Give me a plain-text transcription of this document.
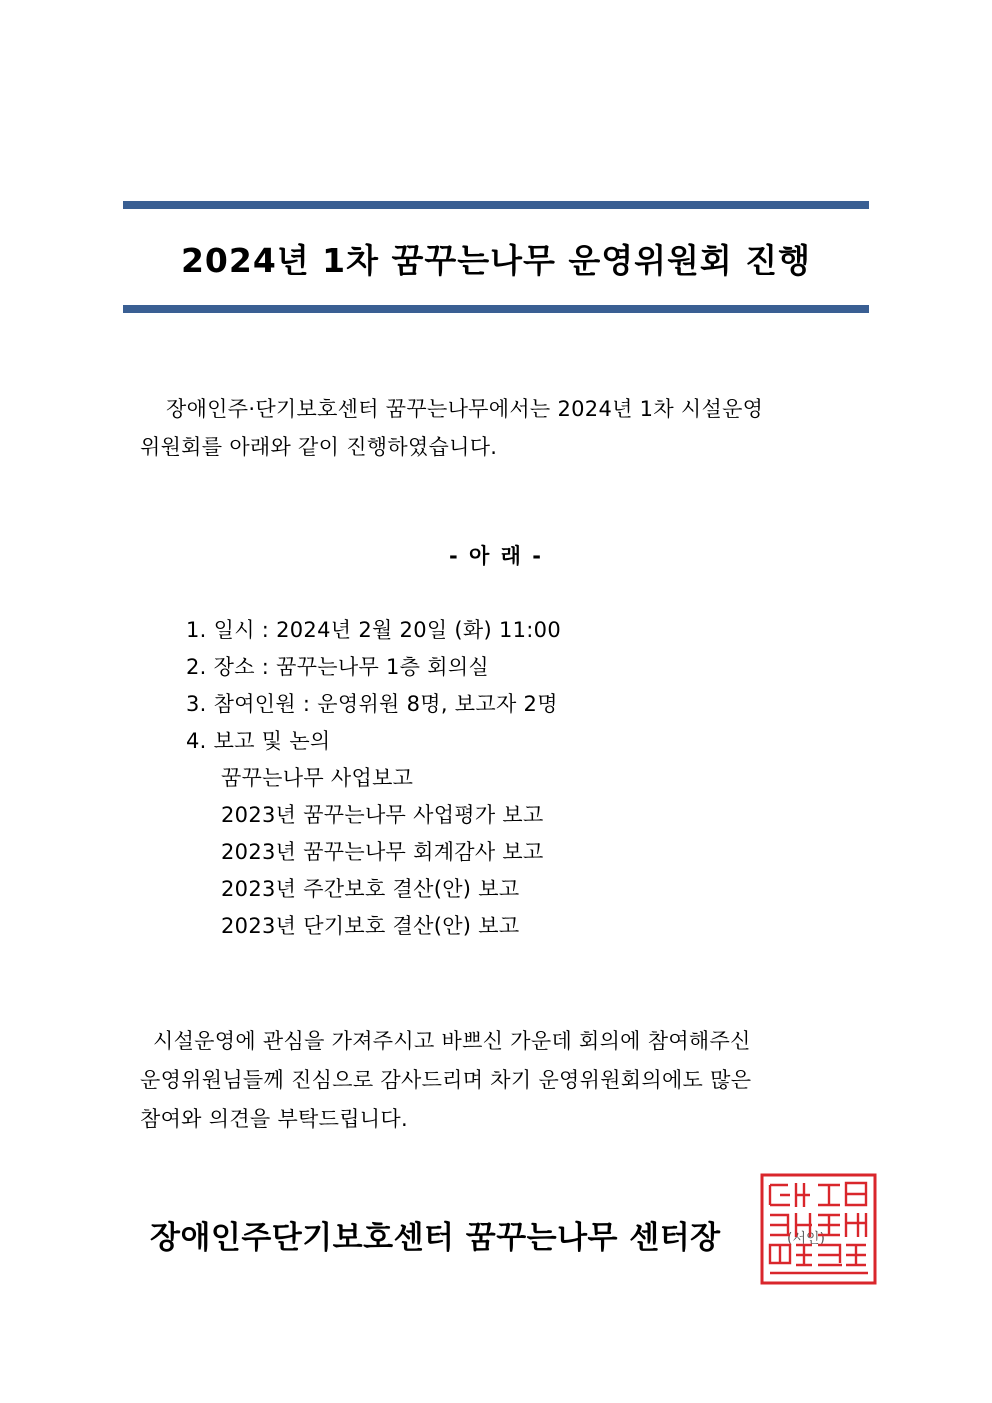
2024년 1차 꿈꾸는나무 운영위원회 진행
장애인주·단기보호센터 꿈꾸는나무에서는 2024년 1차 시설운영
위원회를 아래와 같이 진행하였습니다.
- 아 래 -
1. 일시 : 2024년 2월 20일 (화) 11:00
2. 장소 : 꿈꾸는나무 1층 회의실
3. 참여인원 : 운영위원 8명, 보고자 2명
4. 보고 및 논의
꿈꾸는나무 사업보고
2023년 꿈꾸는나무 사업평가 보고
2023년 꿈꾸는나무 회계감사 보고
2023년 주간보호 결산(안) 보고
2023년 단기보호 결산(안) 보고
시설운영에 관심을 가져주시고 바쁘신 가운데 회의에 참여해주신
운영위원님들께 진심으로 감사드리며 차기 운영위원회의에도 많은
참여와 의견을 부탁드립니다.
장애인주단기보호센터 꿈꾸는나무 센터장	(서인)
